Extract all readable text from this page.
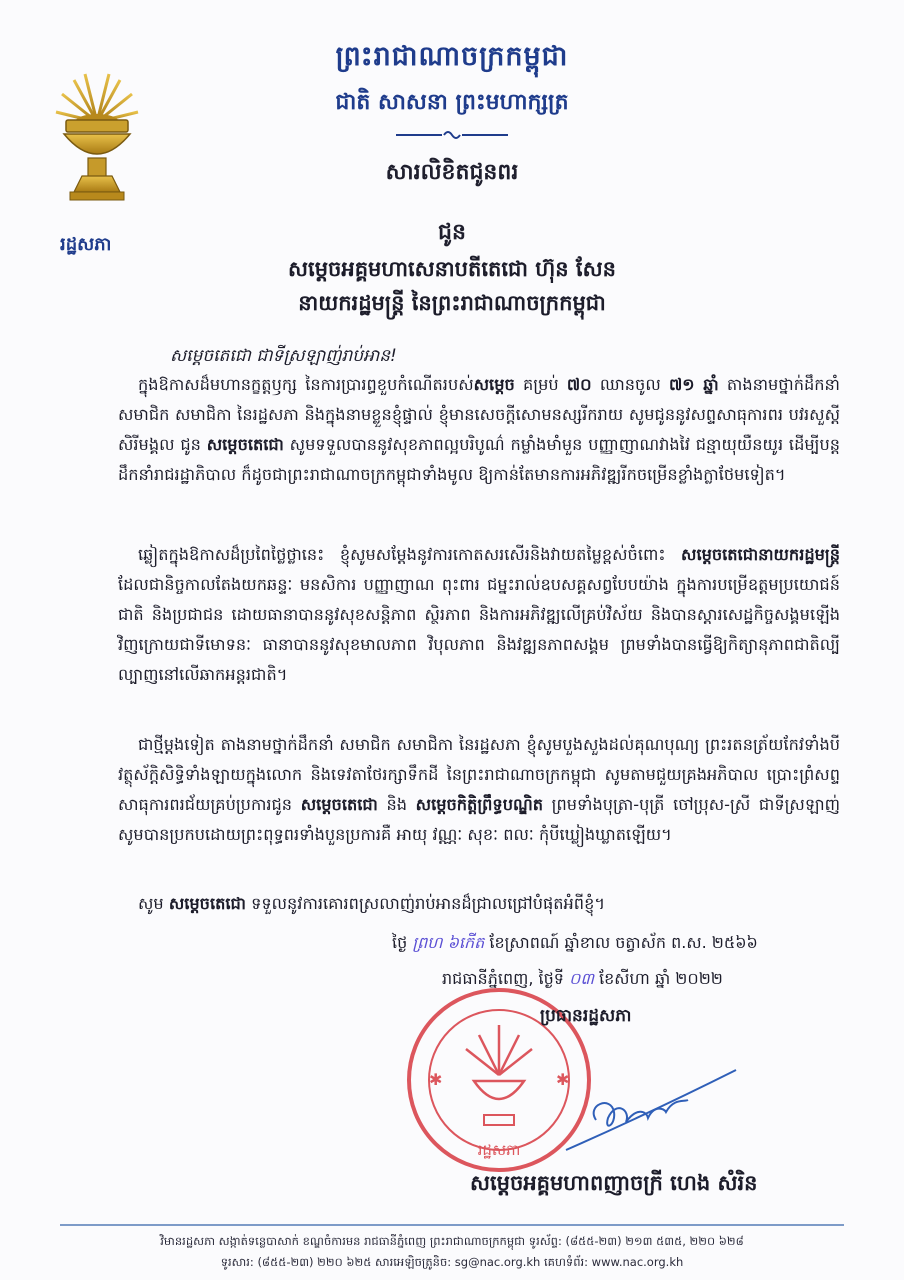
រដ្ឋសភា
ព្រះរាជាណាចក្រកម្ពុជា
ជាតិ សាសនា ព្រះមហាក្សត្រ
សារលិខិតជូនពរ
ជូន
សម្តេចអគ្គមហាសេនាបតីតេជោ ហ៊ុន សែន
នាយករដ្ឋមន្ត្រី នៃព្រះរាជាណាចក្រកម្ពុជា
សម្តេចតេជោ ជាទីស្រឡាញ់រាប់អាន!
ក្នុងឱកាសដ៏មហានក្ខត្តឫក្ស នៃការប្រារព្ធខួបកំណើតរបស់សម្តេច គម្រប់ ៧០ ឈានចូល ៧១ ឆ្នាំ តាងនាមថ្នាក់ដឹកនាំ សមាជិក សមាជិកា នៃរដ្ឋសភា និងក្នុងនាមខ្លួនខ្ញុំផ្ទាល់ ខ្ញុំមានសេចក្តីសោមនស្សរីករាយ សូមជូននូវសព្ទសាធុការពរ បវរសួស្តី សិរីមង្គល ជូន សម្តេចតេជោ សូមទទួលបាននូវសុខភាពល្អបរិបូណ៌ កម្លាំងមាំមួន បញ្ញាញាណវាងវៃ ជន្មាយុយឺនយូរ ដើម្បីបន្តដឹកនាំរាជរដ្ឋាភិបាល ក៏ដូចជាព្រះរាជាណាចក្រកម្ពុជាទាំងមូល ឱ្យកាន់តែមានការអភិវឌ្ឍរីកចម្រើនខ្លាំងក្លាថែមទៀត។
ឆ្លៀតក្នុងឱកាសដ៏ប្រពៃថ្លៃថ្លានេះ ខ្ញុំសូមសម្តែងនូវការកោតសរសើរនិងវាយតម្លៃខ្ពស់ចំពោះ សម្តេចតេជោនាយករដ្ឋមន្ត្រី ដែលជានិច្ចកាលតែងយកឆន្ទៈ មនសិការ បញ្ញាញាណ ពុះពារ ជម្នះរាល់ឧបសគ្គសព្វបែបយ៉ាង ក្នុងការបម្រើឧត្តមប្រយោជន៍ជាតិ និងប្រជាជន ដោយធានាបាននូវសុខសន្តិភាព ស្ថិរភាព និងការអភិវឌ្ឍលើគ្រប់វិស័យ និងបានស្តារសេដ្ឋកិច្ចសង្គមឡើងវិញក្រោយជាទីមោទនៈ ធានាបាននូវសុខមាលភាព វិបុលភាព និងវឌ្ឍនភាពសង្គម ព្រមទាំងបានធ្វើឱ្យកិត្យានុភាពជាតិល្បីល្បាញនៅលើឆាកអន្តរជាតិ។
ជាថ្មីម្តងទៀត តាងនាមថ្នាក់ដឹកនាំ សមាជិក សមាជិកា នៃរដ្ឋសភា ខ្ញុំសូមបួងសួងដល់គុណបុណ្យ ព្រះរតនត្រ័យកែវទាំងបី វត្ថុស័ក្តិសិទ្ធិទាំងឡាយក្នុងលោក និងទេវតាថែរក្សាទឹកដី នៃព្រះរាជាណាចក្រកម្ពុជា សូមតាមជួយគ្រងអភិបាល ប្រោះព្រំសព្ទសាធុការពរជ័យគ្រប់ប្រការជូន សម្តេចតេជោ និង សម្តេចកិត្តិព្រឹទ្ធបណ្ឌិត ព្រមទាំងបុត្រា-បុត្រី ចៅប្រុស-ស្រី ជាទីស្រឡាញ់ សូមបានប្រកបដោយព្រះពុទ្ធពរទាំងបួនប្រការគឺ អាយុ វណ្ណៈ សុខៈ ពលៈ កុំបីឃ្លៀងឃ្លាតឡើយ។
សូម សម្តេចតេជោ ទទួលនូវការគោរពស្រលាញ់រាប់អានដ៏ជ្រាលជ្រៅបំផុតអំពីខ្ញុំ។
ថ្ងៃ ព្រហ ៦កើត ខែស្រាពណ៍ ឆ្នាំខាល ចត្វាស័ក ព.ស. ២៥៦៦
រាជធានីភ្នំពេញ, ថ្ងៃទី ០៣ ខែសីហា ឆ្នាំ ២០២២
✱	✱
រដ្ឋសភា
ប្រធានរដ្ឋសភា
សម្តេចអគ្គមហាពញាចក្រី ហេង សំរិន
វិមានរដ្ឋសភា សង្កាត់ទន្លេបាសាក់ ខណ្ឌចំការមន រាជធានីភ្នំពេញ ព្រះរាជាណាចក្រកម្ពុជា ទូរស័ព្ទ: (៨៥៥-២៣) ២១៣ ៥៣៥, ២២០ ៦២៨
ទូរសារ: (៨៥៥-២៣) ២២០ ៦២៥ សារអេឡិចត្រូនិច: sg@nac.org.kh គេហទំព័រ: www.nac.org.kh
